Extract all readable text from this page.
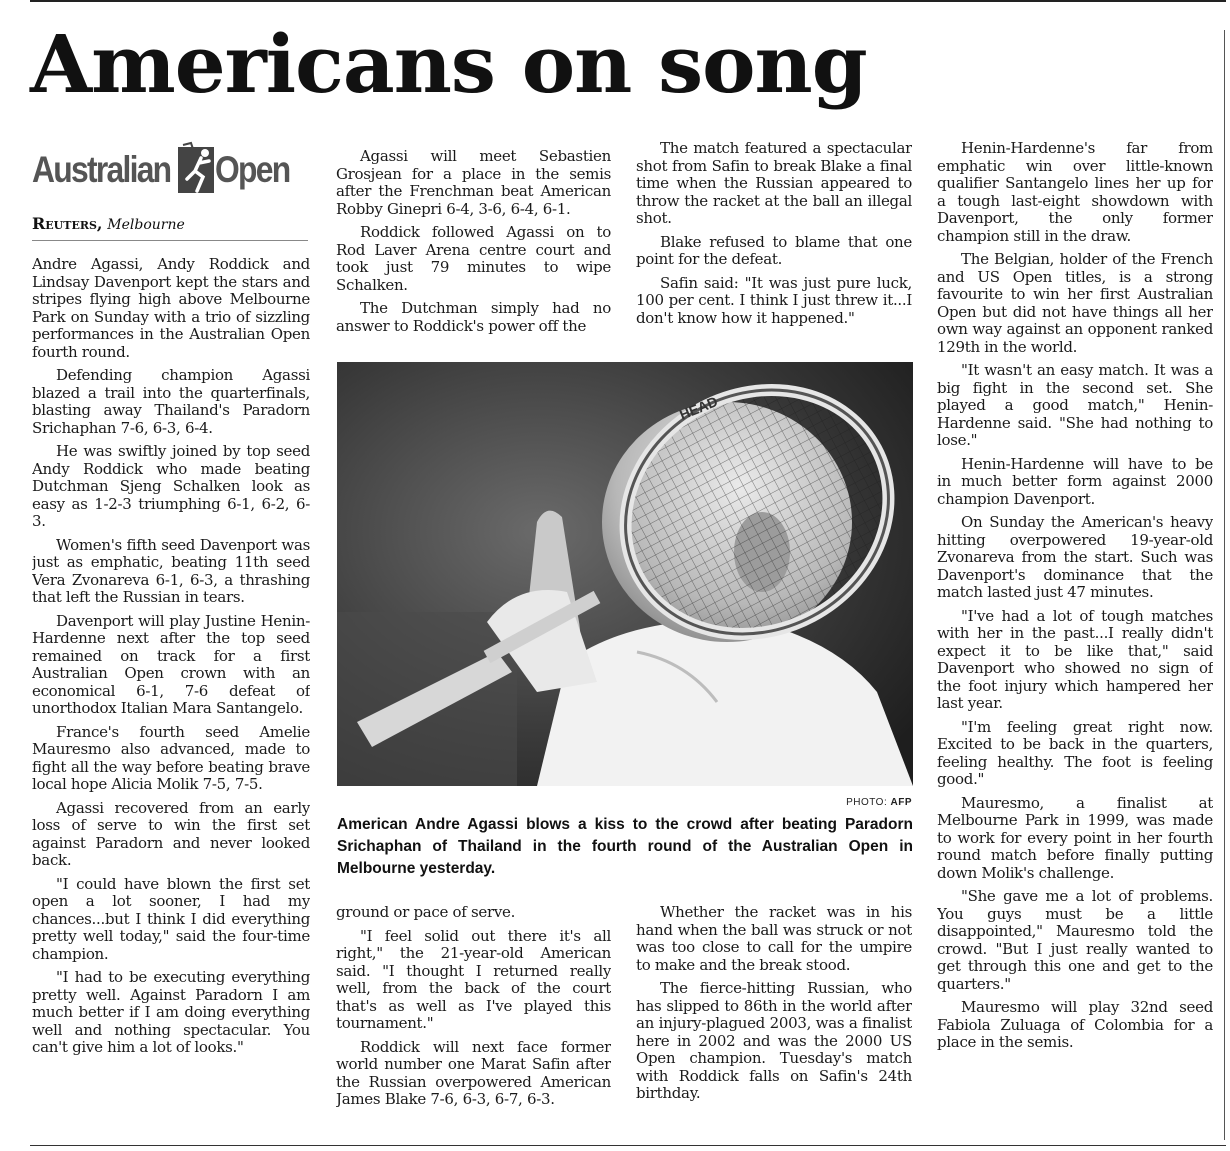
Americans on song
Australian Open
Reuters, Melbourne

Andre Agassi, Andy Roddick and Lindsay Davenport kept the stars and stripes flying high above Melbourne Park on Sunday with a trio of sizzling performances in the Australian Open fourth round.

Defending champion Agassi blazed a trail into the quarterfinals, blasting away Thailand's Paradorn Srichaphan 7-6, 6-3, 6-4.

He was swiftly joined by top seed Andy Roddick who made beating Dutchman Sjeng Schalken look as easy as 1-2-3 triumphing 6-1, 6-2, 6-3.

Women's fifth seed Davenport was just as emphatic, beating 11th seed Vera Zvonareva 6-1, 6-3, a thrashing that left the Russian in tears.

Davenport will play Justine Henin-Hardenne next after the top seed remained on track for a first Australian Open crown with an economical 6-1, 7-6 defeat of unorthodox Italian Mara Santangelo.

France's fourth seed Amelie Mauresmo also advanced, made to fight all the way before beating brave local hope Alicia Molik 7-5, 7-5.

Agassi recovered from an early loss of serve to win the first set against Paradorn and never looked back.

"I could have blown the first set open a lot sooner, I had my chances...but I think I did everything pretty well today," said the four-time champion.

"I had to be executing everything pretty well. Against Paradorn I am much better if I am doing everything well and nothing spectacular. You can't give him a lot of looks."

Agassi will meet Sebastien Grosjean for a place in the semis after the Frenchman beat American Robby Ginepri 6-4, 3-6, 6-4, 6-1.

Roddick followed Agassi on to Rod Laver Arena centre court and took just 79 minutes to wipe Schalken.

The Dutchman simply had no answer to Roddick's power off the

The match featured a spectacular shot from Safin to break Blake a final time when the Russian appeared to throw the racket at the ball an illegal shot.

Blake refused to blame that one point for the defeat.

Safin said: "It was just pure luck, 100 per cent. I think I just threw it...I don't know how it happened."

HEAD
PHOTO: AFP
American Andre Agassi blows a kiss to the crowd after beating Paradorn Srichaphan of Thailand in the fourth round of the Australian Open in Melbourne yesterday.

ground or pace of serve.

"I feel solid out there it's all right," the 21-year-old American said. "I thought I returned really well, from the back of the court that's as well as I've played this tournament."

Roddick will next face former world number one Marat Safin after the Russian overpowered American James Blake 7-6, 6-3, 6-7, 6-3.

Whether the racket was in his hand when the ball was struck or not was too close to call for the umpire to make and the break stood.

The fierce-hitting Russian, who has slipped to 86th in the world after an injury-plagued 2003, was a finalist here in 2002 and was the 2000 US Open champion. Tuesday's match with Roddick falls on Safin's 24th birthday.

Henin-Hardenne's far from emphatic win over little-known qualifier Santangelo lines her up for a tough last-eight showdown with Davenport, the only former champion still in the draw.

The Belgian, holder of the French and US Open titles, is a strong favourite to win her first Australian Open but did not have things all her own way against an opponent ranked 129th in the world.

"It wasn't an easy match. It was a big fight in the second set. She played a good match," Henin-Hardenne said. "She had nothing to lose."

Henin-Hardenne will have to be in much better form against 2000 champion Davenport.

On Sunday the American's heavy hitting overpowered 19-year-old Zvonareva from the start. Such was Davenport's dominance that the match lasted just 47 minutes.

"I've had a lot of tough matches with her in the past...I really didn't expect it to be like that," said Davenport who showed no sign of the foot injury which hampered her last year.

"I'm feeling great right now. Excited to be back in the quarters, feeling healthy. The foot is feeling good."

Mauresmo, a finalist at Melbourne Park in 1999, was made to work for every point in her fourth round match before finally putting down Molik's challenge.

"She gave me a lot of problems. You guys must be a little disappointed," Mauresmo told the crowd. "But I just really wanted to get through this one and get to the quarters."

Mauresmo will play 32nd seed Fabiola Zuluaga of Colombia for a place in the semis.
